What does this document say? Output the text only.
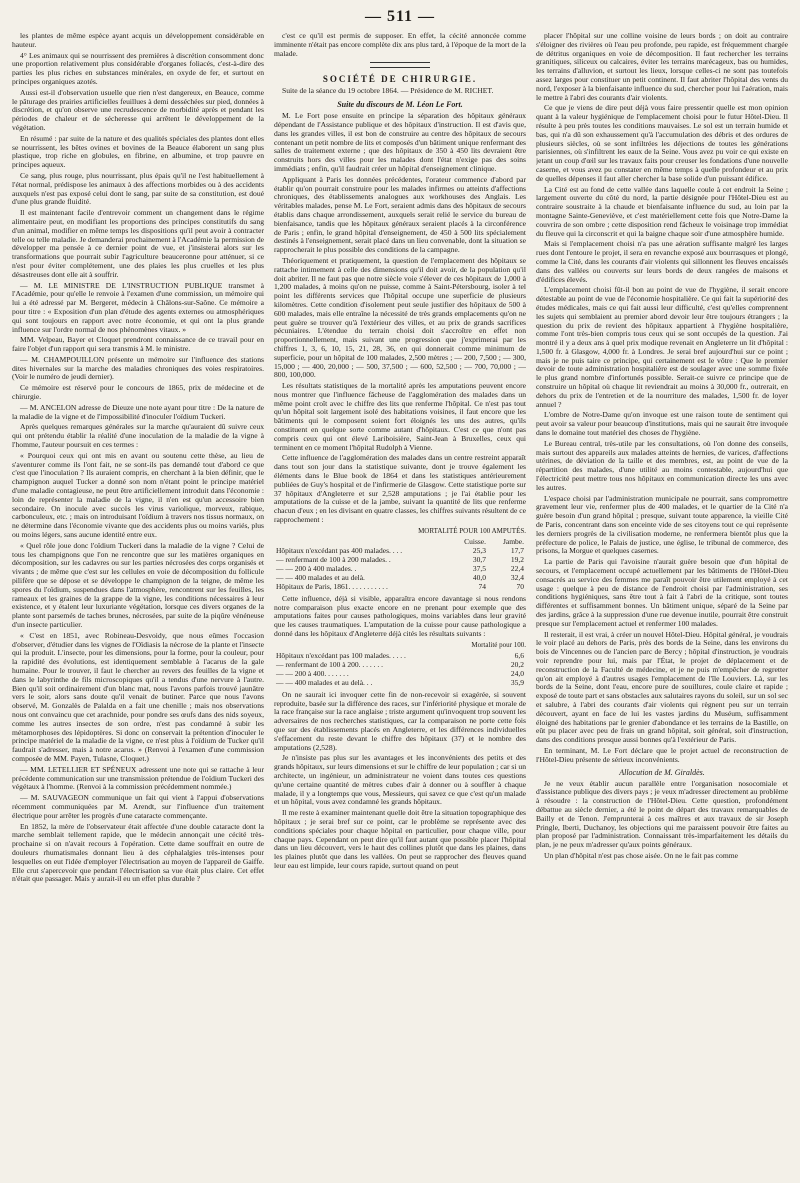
— 511 —

les plantes de même espèce ayant acquis un développement considérable en hauteur.

4° Les animaux qui se nourrissent des premières à discrétion consomment donc une proportion relativement plus considérable d'organes foliacés, c'est-à-dire des parties les plus riches en substances minérales, en oxyde de fer, et surtout en principes organiques azotés.

Aussi est-il d'observation usuelle que rien n'est dangereux, en Beauce, comme le pâturage des prairies artificielles feuillues à demi desséchées sur pied, données à discrétion, et qu'on observe une recrudescence de morbidité après et pendant les périodes de chaleur et de sécheresse qui arrêtent le développement de la végétation.

En résumé : par suite de la nature et des qualités spéciales des plantes dont elles se nourrissent, les bêtes ovines et bovines de la Beauce élaborent un sang plus plastique, trop riche en globules, en fibrine, en albumine, et trop pauvre en principes aqueux.

Ce sang, plus rouge, plus nourrissant, plus épais qu'il ne l'est habituellement à l'état normal, prédispose les animaux à des affections morbides ou à des accidents auxquels n'est pas exposé celui dont le sang, par suite de sa constitution, est doué d'une plus grande fluidité.

Il est maintenant facile d'entrevoir comment un changement dans le régime alimentaire peut, en modifiant les proportions des principes constitutifs du sang d'un animal, modifier en même temps les dispositions qu'il peut avoir à contracter telle ou telle maladie. Je demanderai prochainement à l'Académie la permission de développer ma pensée à ce dernier point de vue, et j'insisterai alors sur les transformations que pourrait subir l'agriculture beauceronne pour atténuer, si ce n'est pour éviter complétement, une des plaies les plus cruelles et les plus désastreuses dont elle ait à souffrir.

— M. LE MINISTRE DE L'INSTRUCTION PUBLIQUE transmet à l'Académie, pour qu'elle le renvoie à l'examen d'une commission, un mémoire qui lui a été adressé par M. Bergeret, médecin à Châlons-sur-Saône. Ce mémoire a pour titre : « Exposition d'un plan d'étude des agents externes ou atmosphériques qui sont toujours en rapport avec notre économie, et qui ont la plus grande influence sur l'ordre normal de nos phénomènes vitaux. »

MM. Velpeau, Bayer et Cloquet prendront connaissance de ce travail pour en faire l'objet d'un rapport qui sera transmis à M. le ministre.

— M. CHAMPOUILLON présente un mémoire sur l'influence des stations dites hivernales sur la marche des maladies chroniques des voies respiratoires. (Voir le numéro de jeudi dernier).

Ce mémoire est réservé pour le concours de 1865, prix de médecine et de chirurgie.

— M. ANCELON adresse de Dieuze une note ayant pour titre : De la nature de la maladie de la vigne et de l'impossibilité d'inoculer l'oïdium Tuckeri.

Après quelques remarques générales sur la marche qu'auraient dû suivre ceux qui ont prétendu établir la réalité d'une inoculation de la maladie de la vigne à l'homme, l'auteur poursuit en ces termes :

« Pourquoi ceux qui ont mis en avant ou soutenu cette thèse, au lieu de s'aventurer comme ils l'ont fait, ne se sont-ils pas demandé tout d'abord ce que c'est que l'inoculation ? Ils auraient compris, en cherchant à la bien définir, que le champignon auquel Tucker a donné son nom n'étant point le principe matériel d'une maladie contagieuse, ne peut être artificiellement introduit dans l'économie : loin de représenter la maladie de la vigne, il n'en est qu'un accessoire bien secondaire. On inocule avec succès les virus variolique, morveux, rabique, carbonculeux, etc. ; mais on introduisant l'oïdium à travers nos tissus normaux, on ne détermine dans l'économie vivante que des accidents plus ou moins variés, plus ou moins légers, sans aucune identité entre eux.

« Quel rôle joue donc l'oïdium Tuckeri dans la maladie de la vigne ? Celui de tous les champignons que l'on ne rencontre que sur les matières organiques en décomposition, sur les cadavres ou sur les parties nécrosées des corps organisés et vivants ; de même que c'est sur les cellules en voie de décomposition du follicule pilifère que se dépose et se développe le champignon de la teigne, de même les spores du l'oïdium, suspendues dans l'atmosphère, rencontrent sur les feuilles, les rameaux et les graines de la grappe de la vigne, les conditions nécessaires à leur existence, et y étalent leur luxuriante végétation, lorsque ces divers organes de la plante sont parsemés de taches brunes, nécrosées, par suite de la piqûre vénéneuse d'un insecte particulier.

« C'est en 1851, avec Robineau-Desvoidy, que nous eûmes l'occasion d'observer, d'étudier dans les vignes de l'Oïdiasis la nécrose de la plante et l'insecte qui la produit. L'insecte, pour les dimensions, pour la forme, pour la couleur, pour la rapidité des évolutions, est identiquement semblable à l'acarus de la gale humaine. Pour le trouver, il faut le chercher au revers des feuilles de la vigne et dans le labyrinthe de fils microscopiques qu'il a tendus d'une nervure à l'autre. Bien qu'il soit ordinairement d'un blanc mat, nous l'avons parfois trouvé jaunâtre vers le soir, alors sans doute qu'il venait de butiner. Parce que nous l'avons observé, M. Gonzalès de Palalda en a fait une chenille ; mais nos observations nous ont convaincu que cet arachnide, pour pondre ses œufs dans des nids soyeux, comme les autres insectes de son ordre, n'est pas condamné à subir les métamorphoses des lépidoptères. Si donc on conservait la prétention d'inoculer le principe matériel de la maladie de la vigne, ce n'est plus à l'oïdium de Tucker qu'il faudrait s'adresser, mais à notre acarus. » (Renvoi à l'examen d'une commission composée de MM. Payen, Tulasne, Cloquet.)

— MM. LETELLIER ET SPÉNEUX adressent une note qui se rattache à leur précédente communication sur une transmission prétendue de l'oïdium Tuckeri des végétaux à l'homme. (Renvoi à la commission précédemment nommée.)

— M. SAUVAGEON communique un fait qui vient à l'appui d'observations récemment communiquées par M. Arendt, sur l'influence d'un traitement électrique pour arrêter les progrès d'une cataracte commençante.

En 1852, la mère de l'observateur était affectée d'une double cataracte dont la marche semblait tellement rapide, que le médecin annonçait une cécité très-prochaine si on n'avait recours à l'opération. Cette dame souffrait en outre de douleurs rhumatismales donnant lieu à des céphalalgies très-intenses pour lesquelles on eut l'idée d'employer l'électrisation au moyen de l'appareil de Gaiffe. Elle crut s'apercevoir que pendant l'électrisation sa vue était plus claire. Cet effet n'était que passager. Mais y aurait-il eu un effet plus durable ?

c'est ce qu'il est permis de supposer. En effet, la cécité annoncée comme imminente n'était pas encore complète dix ans plus tard, à l'époque de la mort de la malade.

SOCIÉTÉ DE CHIRURGIE.

Suite de la séance du 19 octobre 1864. — Présidence de M. RICHET.

Suite du discours de M. Léon Le Fort.

M. Le Fort pose ensuite en principe la séparation des hôpitaux généraux dépendant de l'Assistance publique et des hôpitaux d'instruction. Il est d'avis que, dans les grandes villes, il est bon de construire au centre des hôpitaux de secours contenant un petit nombre de lits et composés d'un bâtiment unique renfermant des salles de traitement externe ; que des hôpitaux de 350 à 450 lits devraient être construits hors des villes pour les malades dont l'état n'exige pas des soins immédiats ; enfin, qu'il faudrait créer un hôpital d'enseignement clinique.

Appliquant à Paris les données précédentes, l'orateur commence d'abord par établir qu'on pourrait construire pour les malades infirmes ou atteints d'affections chroniques, des établissements analogues aux workhouses des Anglais. Les véritables malades, pense M. Le Fort, seraient admis dans des hôpitaux de secours établis dans chaque arrondissement, auxquels serait relié le service du bureau de bienfaisance, tandis que les hôpitaux généraux seraient placés à la circonférence de Paris ; enfin, le grand hôpital d'enseignement, de 450 à 500 lits spécialement destinés à l'enseignement, serait placé dans un lieu convenable, dont la situation se rapprocherait le plus possible des conditions de la campagne.

Théoriquement et pratiquement, la question de l'emplacement des hôpitaux se rattache intimement à celle des dimensions qu'il doit avoir, de la population qu'il doit abriter. Il ne faut pas que notre siècle voie s'élever de ces hôpitaux de 1,000 à 1,200 malades, à moins qu'on ne puisse, comme à Saint-Pétersbourg, isoler à tel point les différents services que l'hôpital occupe une superficie de plusieurs kilomètres. Cette condition d'isolement peut seule justifier des hôpitaux de 500 à 600 malades, mais elle entraîne la nécessité de très grands emplacements qu'on ne peut guère se trouver qu'à l'extérieur des villes, et au prix de grands sacrifices pécuniaires. L'étendue du terrain choisi doit s'accroître en effet non proportionnellement, mais suivant une progression que j'exprimerai par les chiffres 1, 3, 6, 10, 15, 21, 28, 36, en qui donnerait comme minimum de superficie, pour un hôpital de 100 malades, 2,500 mètres ; — 200, 7,500 ; — 300, 15,000 ; — 400, 20,000 ; — 500, 37,500 ; — 600, 52,500 ; — 700, 70,000 ; — 800, 100,000.

Les résultats statistiques de la mortalité après les amputations peuvent encore nous montrer que l'influence fâcheuse de l'agglomération des malades dans un même point croît avec le chiffre des lits que renferme l'hôpital. Ce n'est pas tout qu'un hôpital soit largement isolé des habitations voisines, il faut encore que les bâtiments qui le composent soient fort éloignés les uns des autres, qu'ils constituent en quelque sorte comme autant d'hôpitaux. C'est ce que n'ont pas compris ceux qui ont élevé Lariboisière, Saint-Jean à Bruxelles, ceux qui terminent en ce moment l'hôpital Rudolph à Vienne.

Cette influence de l'agglomération des malades dans un centre restreint apparaît dans tout son jour dans la statistique suivante, dont je trouve également les éléments dans le Blue book de 1864 et dans les statistiques antérieurement publiées de Guy's hospital et de l'infirmerie de Glasgow. Cette statistique porte sur 37 hôpitaux d'Angleterre et sur 2,528 amputations ; je l'ai établie pour les amputations de la cuisse et de la jambe, suivant la quantité de lits que renferme chacun d'eux ; en les divisant en quatre classes, les chiffres suivants résultent de ce rapprochement :

MORTALITÉ POUR 100 AMPUTÉS.
	Cuisse.	Jambe.
Hôpitaux n'excédant pas 400 malades. . . .	25,3	17,7
— renfermant de 100 à 200 malades. .	30,7	19,2
— — 200 à 400 malades. .	37,5	22,4
— — 400 malades et au delà.	40,0	32,4
Hôpitaux de Paris, 1861. . . . . . . . . . .	74	70

Cette influence, déjà si visible, apparaîtra encore davantage si nous rendons notre comparaison plus exacte encore en ne prenant pour exemple que des amputations faites pour causes pathologiques, moins variables dans leur gravité que les causes traumatiques. L'amputation de la cuisse pour cause pathologique a donné dans les hôpitaux d'Angleterre déjà cités les résultats suivants :

Mortalité pour 100.
Hôpitaux n'excédant pas 100 malades. . . . .	6,6
— renfermant de 100 à 200. . . . . . .	20,2
— — 200 à 400. . . . . . .	24,0
— — 400 malades et au delà. . .	35,9

On ne saurait ici invoquer cette fin de non-recevoir si exagérée, si souvent reproduite, basée sur la différence des races, sur l'infériorité physique et morale de la race française sur la race anglaise ; triste argument qu'invoquent trop souvent les adversaires de nos recherches statistiques, car la comparaison ne porte cette fois que sur des établissements placés en Angleterre, et les différences individuelles s'effacement du reste devant le chiffre des hôpitaux (37) et le nombre des amputations (2,528).

Je n'insiste pas plus sur les avantages et les inconvénients des petits et des grands hôpitaux, sur leurs dimensions et sur le chiffre de leur population ; car si un architecte, un ingénieur, un administrateur ne voient dans toutes ces questions qu'une certaine quantité de mètres cubes d'air à donner ou à souffler à chaque malade, il y a longtemps que vous, Messieurs, qui savez ce que c'est qu'un malade et un hôpital, vous avez condamné les grands hôpitaux.

Il me reste à examiner maintenant quelle doit être la situation topographique des hôpitaux ; je serai bref sur ce point, car le problème se représente avec des conditions spéciales pour chaque hôpital en particulier, pour chaque ville, pour chaque pays. Cependant on peut dire qu'il faut autant que possible placer l'hôpital dans un lieu découvert, vers le haut des collines plutôt que dans les plaines, dans les plaines plutôt que dans les vallées. On peut se rapprocher des fleuves quand leur eau est limpide, leur cours rapide, surtout quand on peut

placer l'hôpital sur une colline voisine de leurs bords ; on doit au contraire s'éloigner des rivières où l'eau peu profonde, peu rapide, est fréquemment chargée de détritus organiques en voie de décomposition. Il faut rechercher les terrains granitiques, siliceux ou calcaires, éviter les terrains marécageux, bas ou humides, les terrains d'alluvion, et surtout les lieux, lorsque celles-ci ne sont pas toutefois assez larges pour constituer un petit continent. Il faut abriter l'hôpital des vents du nord, l'exposer à la bienfaisante influence du sud, chercher pour lui l'aération, mais le mettre à l'abri des courants d'air violents.

Ce que je viens de dire peut déjà vous faire pressentir quelle est mon opinion quant à la valeur hygiénique de l'emplacement choisi pour le futur Hôtel-Dieu. Il résulte à peu près toutes les conditions mauvaises. Le sol est un terrain humide et bas, qui n'a dû son exhaussement qu'à l'accumulation des débris et des ordures de plusieurs siècles, où se sont infiltrées les déjections de toutes les générations parisiennes, où s'infiltrent les eaux de la Seine. Vous avez pu voir ce qui existe en jetant un coup d'œil sur les travaux faits pour creuser les fondations d'une nouvelle caserne, et vous avez pu constater en même temps à quelle profondeur et au prix de quelles dépenses il faut aller chercher la base solide d'un puissant édifice.

La Cité est au fond de cette vallée dans laquelle coule à cet endroit la Seine ; largement ouverte du côté du nord, la partie désignée pour l'Hôtel-Dieu est au contraire soustraite à la chaude et bienfaisante influence du sud, au loin par la montagne Sainte-Geneviève, et c'est matériellement cette fois que Notre-Dame la couvrira de son ombre ; cette disposition rend fâcheux le voisinage trop immédiat du fleuve qui la circonscrit et qui la baigne chaque soir d'une atmosphère humide.

Mais si l'emplacement choisi n'a pas une aération suffisante malgré les larges rues dont l'entoure le projet, il sera en revanche exposé aux bourrasques et plongé, comme la Cité, dans les courants d'air violents qui sillonnent les fleuves encaissés dans des vallées ou couverts sur leurs bords de deux rangées de maisons et d'édifices élevés.

L'emplacement choisi fût-il bon au point de vue de l'hygiène, il serait encore détestable au point de vue de l'économie hospitalière. Ce qui fait la supériorité des études médicales, mais ce qui fait aussi leur difficulté, c'est qu'elles comprennent les sujets qui semblaient au premier abord devoir leur être toujours étrangers ; la question du prix de revient des hôpitaux appartient à l'hygiène hospitalière, comme l'ont très-bien compris tous ceux qui se sont occupés de la question. J'ai montré il y a deux ans à quel prix modique revenait en Angleterre un lit d'hôpital : 1,500 fr. à Glasgow, 4,000 fr. à Londres. Je serai bref aujourd'hui sur ce point ; mais je ne puis taire ce principe, qui certainement est le vôtre : Que le premier devoir de toute administration hospitalière est de soulager avec une somme fixée le plus grand nombre d'infortunés possible. Serait-ce suivre ce principe que de construire un hôpital où chaque lit reviendrait au moins à 30,000 fr., outrerait, en dehors du prix de l'entretien et de la nourriture des malades, 1,500 fr. de loyer annuel ?

L'ombre de Notre-Dame qu'on invoque est une raison toute de sentiment qui peut avoir sa valeur pour beaucoup d'institutions, mais qui ne saurait être invoquée dans le domaine tout matériel des choses de l'hygiène.

Le Bureau central, très-utile par les consultations, où l'on donne des conseils, mais surtout des appareils aux malades atteints de hernies, de varices, d'affections utérines, de déviation de la taille et des membres, est, au point de vue de la répartition des malades, d'une utilité au moins contestable, aujourd'hui que l'électricité peut mettre tous nos hôpitaux en communication directe les uns avec les autres.

L'espace choisi par l'administration municipale ne pourrait, sans compromettre gravement leur vie, renfermer plus de 400 malades, et le quartier de la Cité n'a guère besoin d'un grand hôpital ; presque, suivant toute apparence, la vieille Cité de Paris, concentrant dans son enceinte vide de ses citoyens tout ce qui représente les derniers progrès de la civilisation moderne, ne renfermera bientôt plus que la préfecture de police, le Palais de justice, une église, le tribunal de commerce, des prisons, la Morgue et quelques casernes.

La partie de Paris qui l'avoisine n'aurait guère besoin que d'un hôpital de secours, et l'emplacement occupé actuellement par les bâtiments de l'Hôtel-Dieu consacrés au service des femmes me paraît pouvoir être utilement employé à cet usage : quelque à peu de distance de l'endroit choisi par l'administration, ses conditions hygiéniques, sans être tout à fait à l'abri de la critique, sont toutes différentes et suffisamment bonnes. Un bâtiment unique, séparé de la Seine par des jardins, grâce à la suppression d'une rue devenue inutile, pourrait être construit presque sur l'emplacement actuel et renfermer 100 malades.

Il resterait, il est vrai, à créer un nouvel Hôtel-Dieu. Hôpital général, je voudrais le voir placé au dehors de Paris, près des bords de la Seine, dans les environs du bois de Vincennes ou de l'ancien parc de Bercy ; hôpital d'instruction, je voudrais voir reprendre pour lui, mais par l'État, le projet de déplacement et de reconstruction de la Faculté de médecine, et je ne puis m'empêcher de regretter qu'on ait employé à d'autres usages l'emplacement de l'île Louviers. Là, sur les bords de la Seine, dont l'eau, encore pure de souillures, coule claire et rapide ; exposé de toute part et sans obstacles aux salutaires rayons du soleil, sur un sol sec et salubre, à l'abri des courants d'air violents qui règnent peu sur un terrain découvert, ayant en face de lui les vastes jardins du Muséum, suffisamment éloigné des habitations par le grenier d'abondance et les terrains de la Bastille, on eût pu placer avec peu de frais un grand hôpital, soit général, soit d'instruction, dans des conditions presque aussi bonnes qu'à l'extérieur de Paris.

En terminant, M. Le Fort déclare que le projet actuel de reconstruction de l'Hôtel-Dieu présente de sérieux inconvénients.

Allocution de M. Giraldès.

Je ne veux établir aucun parallèle entre l'organisation nosocomiale et d'assistance publique des divers pays ; je veux m'adresser directement au problème à résoudre : la construction de l'Hôtel-Dieu. Cette question, profondément débattue au siècle dernier, a été le point de départ des travaux remarquables de Bailly et de Tenon. J'emprunterai à ces maîtres et aux travaux de sir Joseph Pringle, Iberti, Duchanoy, les objections qui me paraissent pouvoir être faites au plan proposé par l'administration. Connaissant très-imparfaitement les détails du plan, je ne peux m'adresser qu'aux points généraux.

Un plan d'hôpital n'est pas chose aisée. On ne le fait pas comme
